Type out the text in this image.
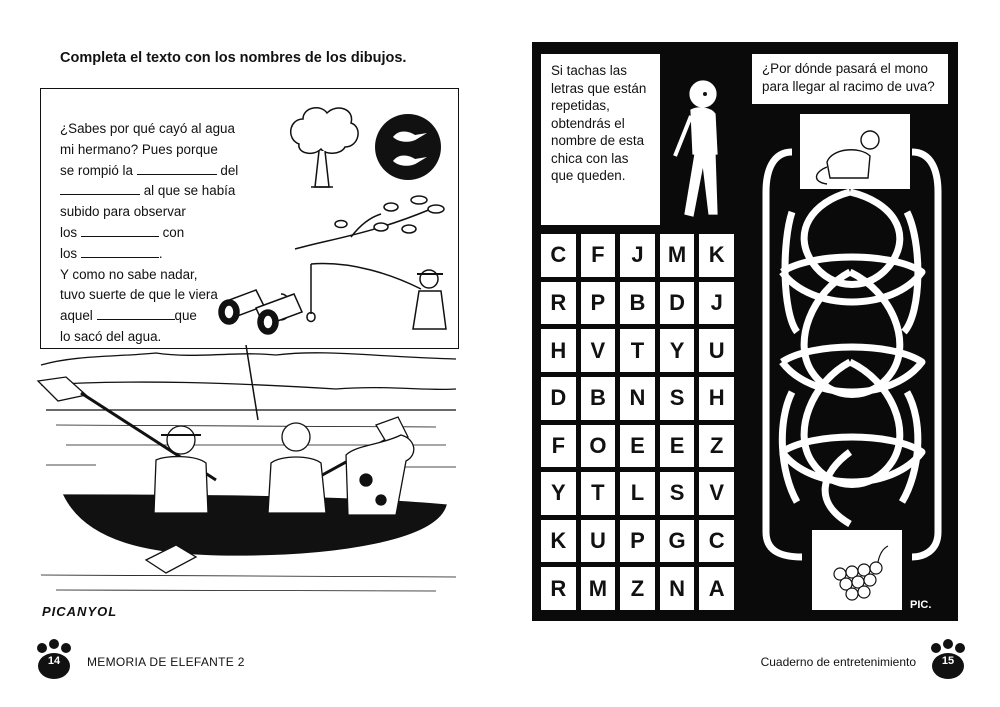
Completa el texto con los nombres de los dibujos.
¿Sabes por qué cayó al agua
mi hermano? Pues porque
se rompió la	del
al que se había
subido para observar
los	con
los	.
Y como no sabe nadar,
tuvo suerte de que le viera
aquel	que
lo sacó del agua.
PICANYOL
14	MEMORIA DE ELEFANTE 2
Si tachas las letras que están repetidas, obtendrás el nombre de esta chica con las que queden.
C	F	J	M	K
R	P	B	D	J
H	V	T	Y	U
D	B	N	S	H
F	O	E	E	Z
Y	T	L	S	V
K	U	P	G	C
R	M	Z	N	A
¿Por dónde pasará el mono para llegar al racimo de uva?
PIC.
Cuaderno de entretenimiento	15
